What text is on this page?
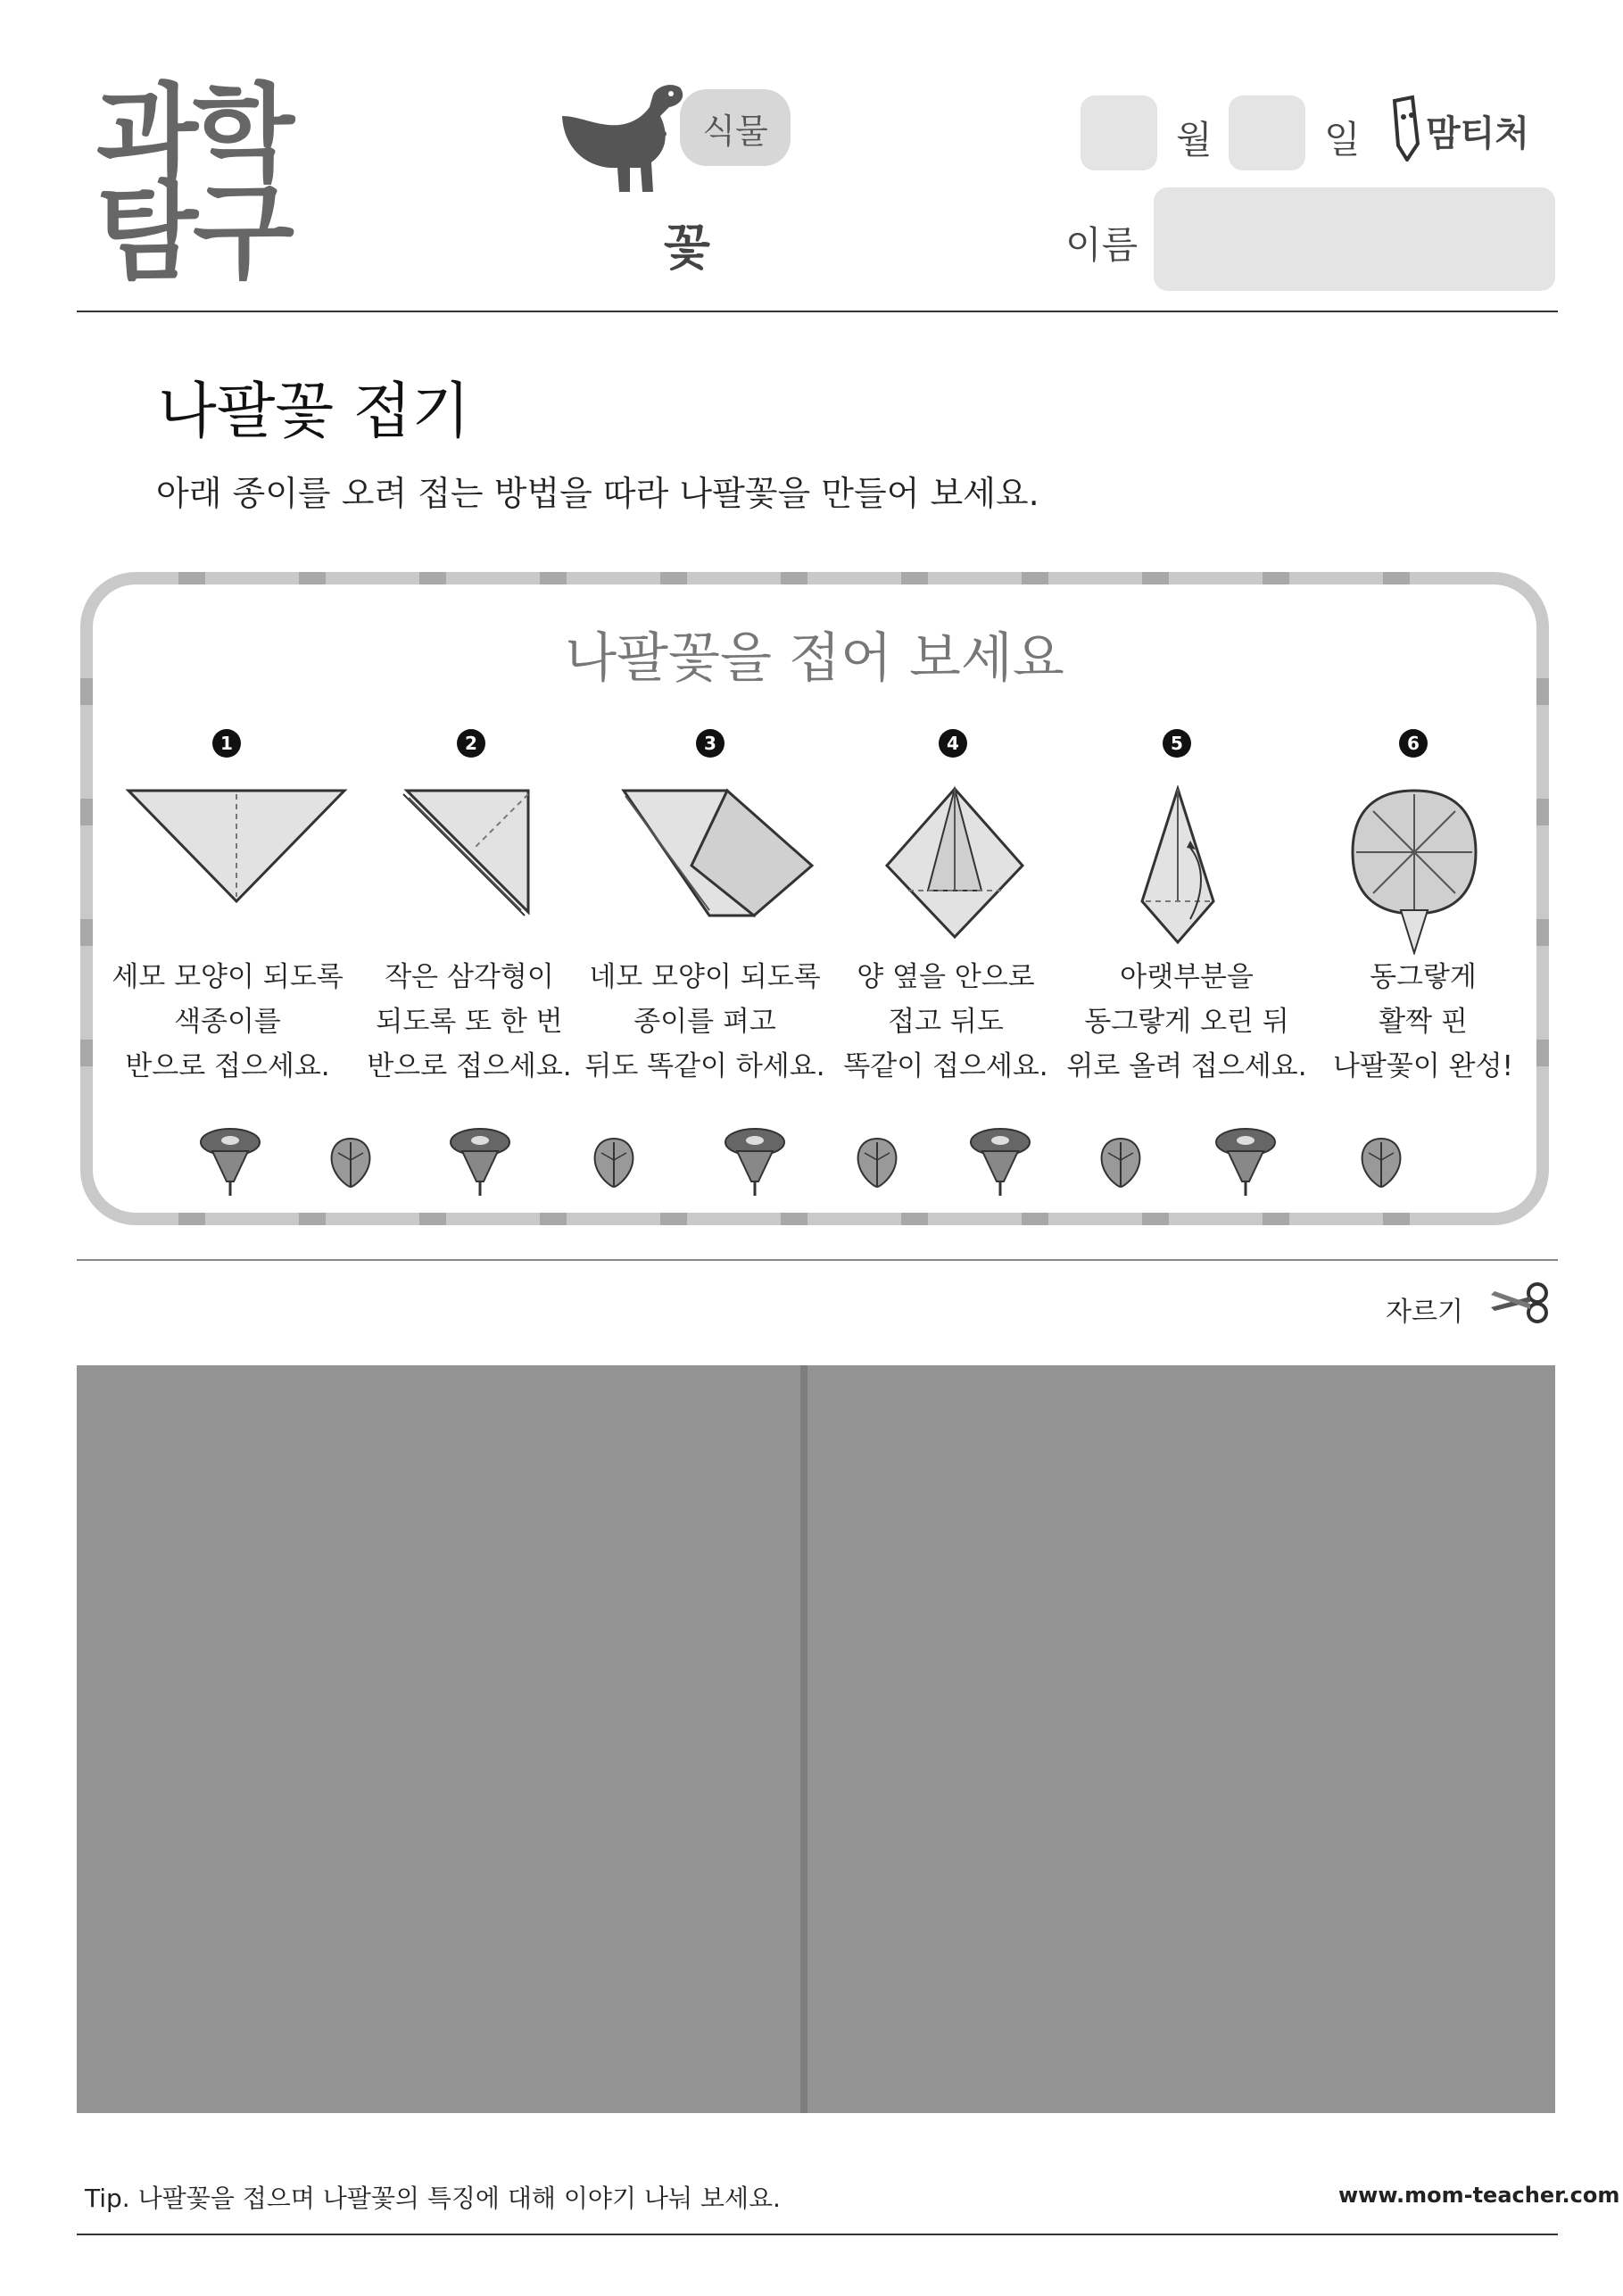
과학
탐구
식물
꽃
월	일 맘티처
이름
나팔꽃 접기
아래 종이를 오려 접는 방법을 따라 나팔꽃을 만들어 보세요.
나팔꽃을 접어 보세요
1
세모 모양이 되도록
색종이를
반으로 접으세요.
2
작은 삼각형이
되도록 또 한 번
반으로 접으세요.
3
네모 모양이 되도록
종이를 펴고
뒤도 똑같이 하세요.
4
양 옆을 안으로
접고 뒤도
똑같이 접으세요.
5
아랫부분을
동그랗게 오린 뒤
위로 올려 접으세요.
6
동그랗게
활짝 핀
나팔꽃이 완성!
자르기
Tip. 나팔꽃을 접으며 나팔꽃의 특징에 대해 이야기 나눠 보세요.	www.mom-teacher.com
